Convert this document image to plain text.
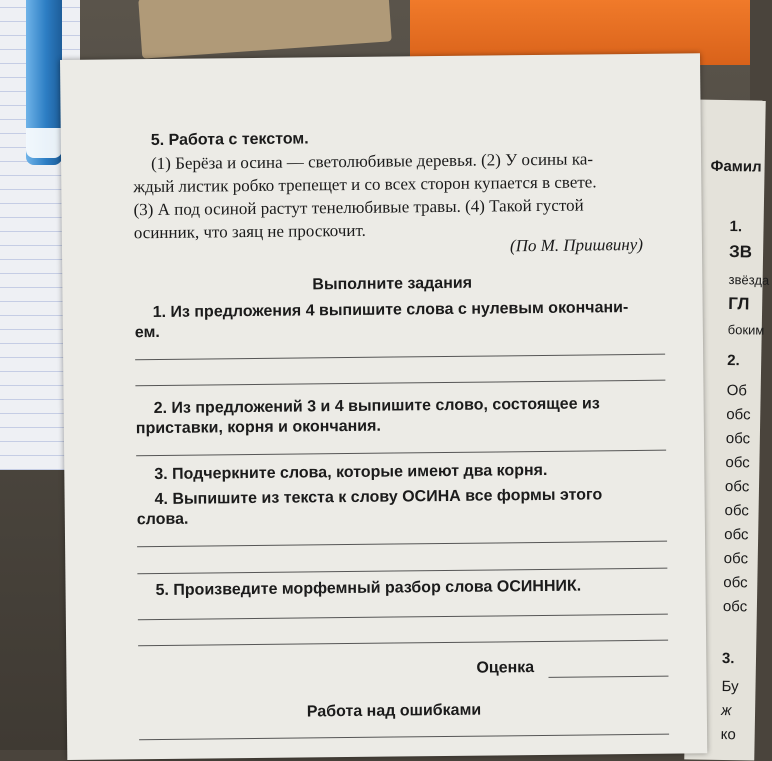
Фамил
1.
ЗВ
звёзда
ГЛ
боким
2.
Об
обс
обс
обс
обс
обс
обс
обс
обс
обс
3.
Бу
ж
ко
5. Работа с текстом.
(1) Берёза и осина — светолюбивые деревья. (2) У осины ка-
ждый листик робко трепещет и со всех сторон купается в свете.
(3) А под осиной растут тенелюбивые травы. (4) Такой густой
осинник, что заяц не проскочит.
(По М. Пришвину)
Выполните задания
1. Из предложения 4 выпишите слова с нулевым окончани-
ем.
2. Из предложений 3 и 4 выпишите слово, состоящее из
приставки, корня и окончания.
3. Подчеркните слова, которые имеют два корня.
4. Выпишите из текста к слову ОСИНА все формы этого
слова.
5. Произведите морфемный разбор слова ОСИННИК.
Оценка
Работа над ошибками
